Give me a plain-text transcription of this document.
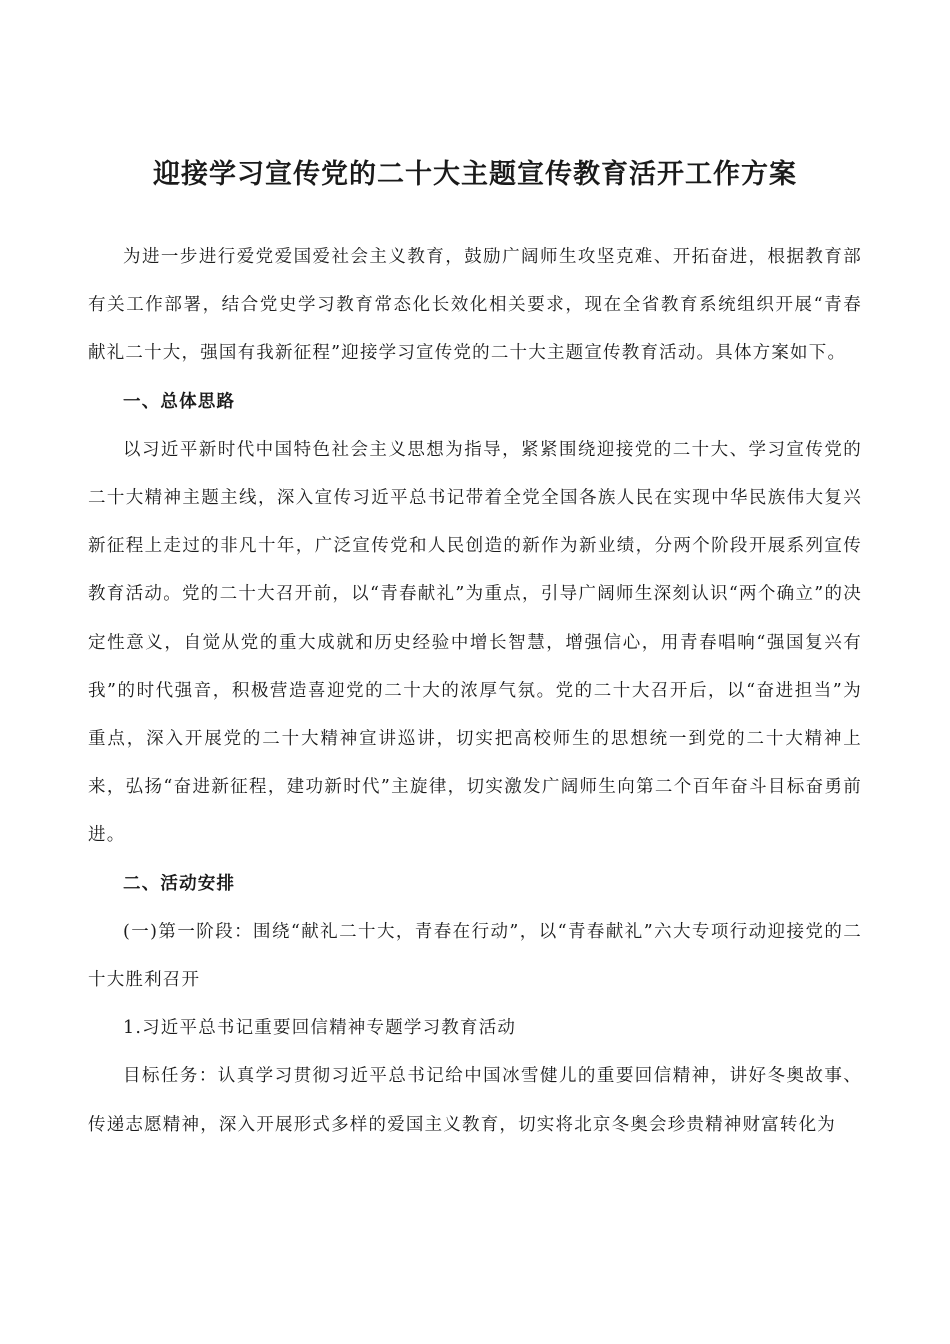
迎接学习宣传党的二十大主题宣传教育活开工作方案

为进一步进行爱党爱国爱社会主义教育，鼓励广阔师生攻坚克难、开拓奋进，根据教育部有关工作部署，结合党史学习教育常态化长效化相关要求，现在全省教育系统组织开展“青春献礼二十大，强国有我新征程”迎接学习宣传党的二十大主题宣传教育活动。具体方案如下。

一、总体思路

以习近平新时代中国特色社会主义思想为指导，紧紧围绕迎接党的二十大、学习宣传党的二十大精神主题主线，深入宣传习近平总书记带着全党全国各族人民在实现中华民族伟大复兴新征程上走过的非凡十年，广泛宣传党和人民创造的新作为新业绩，分两个阶段开展系列宣传教育活动。党的二十大召开前，以“青春献礼”为重点，引导广阔师生深刻认识“两个确立”的决定性意义，自觉从党的重大成就和历史经验中增长智慧，增强信心，用青春唱响“强国复兴有我”的时代强音，积极营造喜迎党的二十大的浓厚气氛。党的二十大召开后，以“奋进担当”为重点，深入开展党的二十大精神宣讲巡讲，切实把高校师生的思想统一到党的二十大精神上来，弘扬“奋进新征程，建功新时代”主旋律，切实激发广阔师生向第二个百年奋斗目标奋勇前进。

二、活动安排

(一)第一阶段：围绕“献礼二十大，青春在行动”，以“青春献礼”六大专项行动迎接党的二十大胜利召开

1.习近平总书记重要回信精神专题学习教育活动

目标任务：认真学习贯彻习近平总书记给中国冰雪健儿的重要回信精神，讲好冬奥故事、传递志愿精神，深入开展形式多样的爱国主义教育，切实将北京冬奥会珍贵精神财富转化为
